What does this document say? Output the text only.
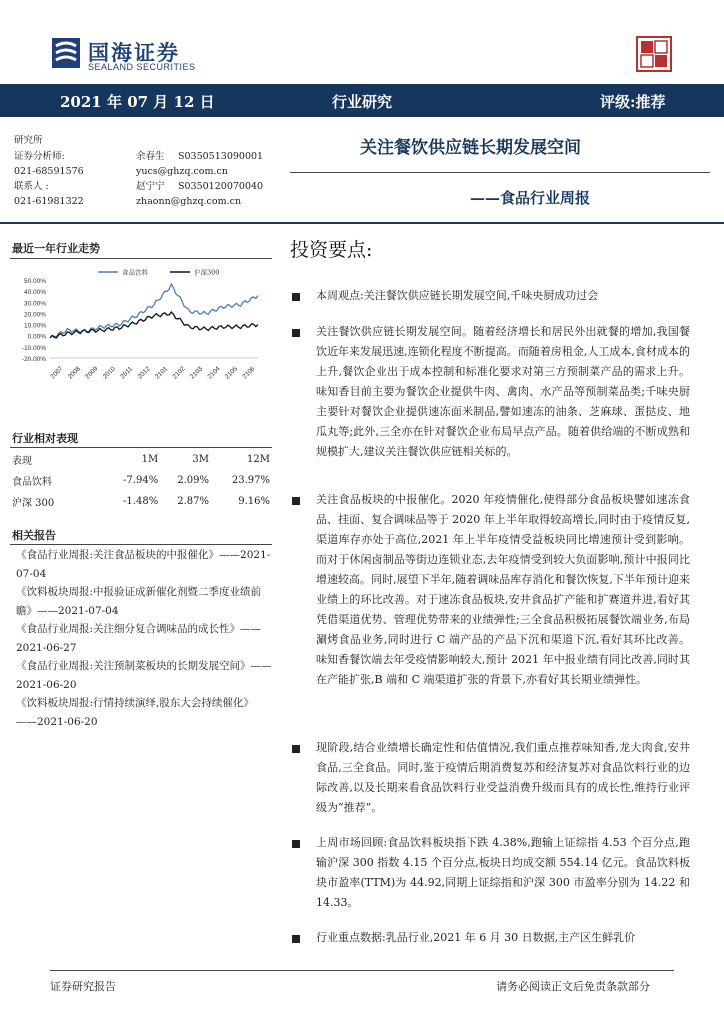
国海证券
SEALAND SECURITIES
2021 年 07 月 12 日	行业研究	评级:推荐
研究所
证券分析师:	余春生 S0350513090001
021-68591576	yucs@ghzq.com.cn
联系人 :	赵宁宁 S0350120070040
021-61981322	zhaonn@ghzq.com.cn
关注餐饮供应链长期发展空间
——食品行业周报
最近一年行业走势
50.00%
40.00%
30.00%
20.00%
10.00%
0.00%
-10.00%
-20.00%
2007 2008 2009 2010 2011 2012 2101 2102 2103 2104 2105 2106
食品饮料	沪深300
行业相对表现
表现	1M	3M	12M
食品饮料	-7.94%	2.09%	23.97%
沪深 300	-1.48%	2.87%	9.16%
相关报告
《食品行业周报:关注食品板块的中报催化》——2021-07-04
《饮料板块周报:中报验证成新催化剂暨二季度业绩前瞻》——2021-07-04
《食品行业周报:关注细分复合调味品的成长性》——2021-06-27
《食品行业周报:关注预制菜板块的长期发展空间》——2021-06-20
《饮料板块周报:行情持续演绎,股东大会持续催化》——2021-06-20
投资要点:
本周观点:关注餐饮供应链长期发展空间,千味央厨成功过会
关注餐饮供应链长期发展空间。随着经济增长和居民外出就餐的增加,我国餐饮近年来发展迅速,连锁化程度不断提高。而随着房租金,人工成本,食材成本的上升,餐饮企业出于成本控制和标准化要求对第三方预制菜产品的需求上升。味知香目前主要为餐饮企业提供牛肉、禽肉、水产品等预制菜品类;千味央厨主要针对餐饮企业提供速冻面米制品,譬如速冻的油条、芝麻球、蛋挞皮、地瓜丸等;此外,三全亦在针对餐饮企业布局早点产品。随着供给端的不断成熟和规模扩大,建议关注餐饮供应链相关标的。
关注食品板块的中报催化。2020 年疫情催化,使得部分食品板块譬如速冻食品、挂面、复合调味品等于 2020 年上半年取得较高增长,同时由于疫情反复,渠道库存亦处于高位,2021 年上半年疫情受益板块同比增速预计受到影响。而对于休闲卤制品等街边连锁业态,去年疫情受到较大负面影响,预计中报同比增速较高。同时,展望下半年,随着调味品库存消化和餐饮恢复,下半年预计迎来业绩上的环比改善。对于速冻食品板块,安井食品扩产能和扩赛道并进,看好其凭借渠道优势、管理优势带来的业绩弹性;三全食品积极拓展餐饮端业务,布局涮烤食品业务,同时进行 C 端产品的产品下沉和渠道下沉,看好其环比改善。味知香餐饮端去年受疫情影响较大,预计 2021 年中报业绩有同比改善,同时其在产能扩张,B 端和 C 端渠道扩张的背景下,亦看好其长期业绩弹性。
现阶段,结合业绩增长确定性和估值情况,我们重点推荐味知香,龙大肉食,安井食品,三全食品。同时,鉴于疫情后期消费复苏和经济复苏对食品饮料行业的边际改善,以及长期来看食品饮料行业受益消费升级而具有的成长性,维持行业评级为“推荐”。
上周市场回顾:食品饮料板块指下跌 4.38%,跑输上证综指 4.53 个百分点,跑输沪深 300 指数 4.15 个百分点,板块日均成交额 554.14 亿元。食品饮料板块市盈率(TTM)为 44.92,同期上证综指和沪深 300 市盈率分别为 14.22 和 14.33。
行业重点数据:乳品行业,2021 年 6 月 30 日数据,主产区生鲜乳价
证券研究报告	请务必阅读正文后免责条款部分
